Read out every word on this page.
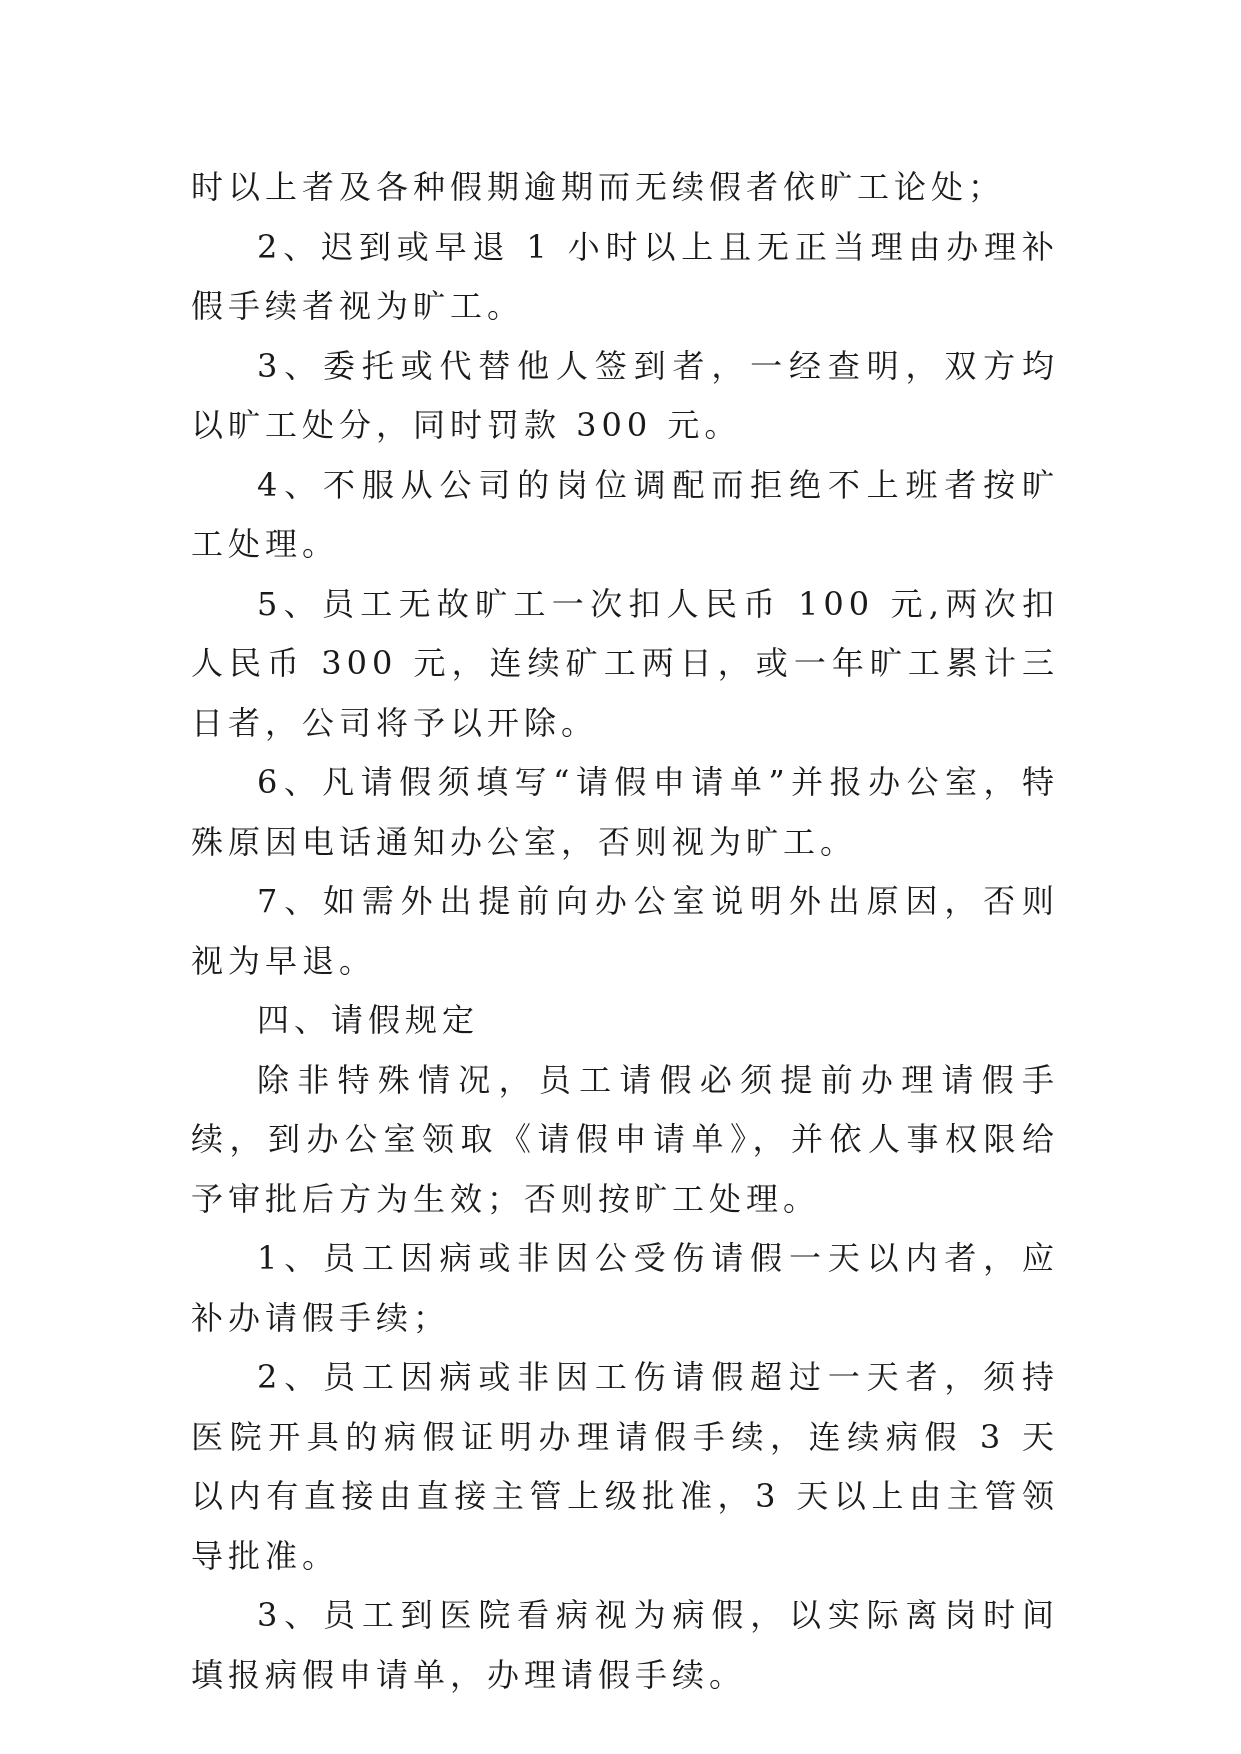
时以上者及各种假期逾期而无续假者依旷工论处；

2、迟到或早退 1 小时以上且无正当理由办理补假手续者视为旷工。

3、委托或代替他人签到者，一经查明，双方均以旷工处分，同时罚款 300 元。

4、不服从公司的岗位调配而拒绝不上班者按旷工处理。

5、员工无故旷工一次扣人民币 100 元,两次扣人民币 300 元，连续矿工两日，或一年旷工累计三日者，公司将予以开除。

6、凡请假须填写“请假申请单”并报办公室，特殊原因电话通知办公室，否则视为旷工。

7、如需外出提前向办公室说明外出原因，否则视为早退。

四、请假规定

除非特殊情况，员工请假必须提前办理请假手续，到办公室领取《请假申请单》，并依人事权限给予审批后方为生效；否则按旷工处理。

1、员工因病或非因公受伤请假一天以内者，应补办请假手续；

2、员工因病或非因工伤请假超过一天者，须持医院开具的病假证明办理请假手续，连续病假 3 天以内有直接由直接主管上级批准，3 天以上由主管领导批准。

3、员工到医院看病视为病假，以实际离岗时间填报病假申请单，办理请假手续。
